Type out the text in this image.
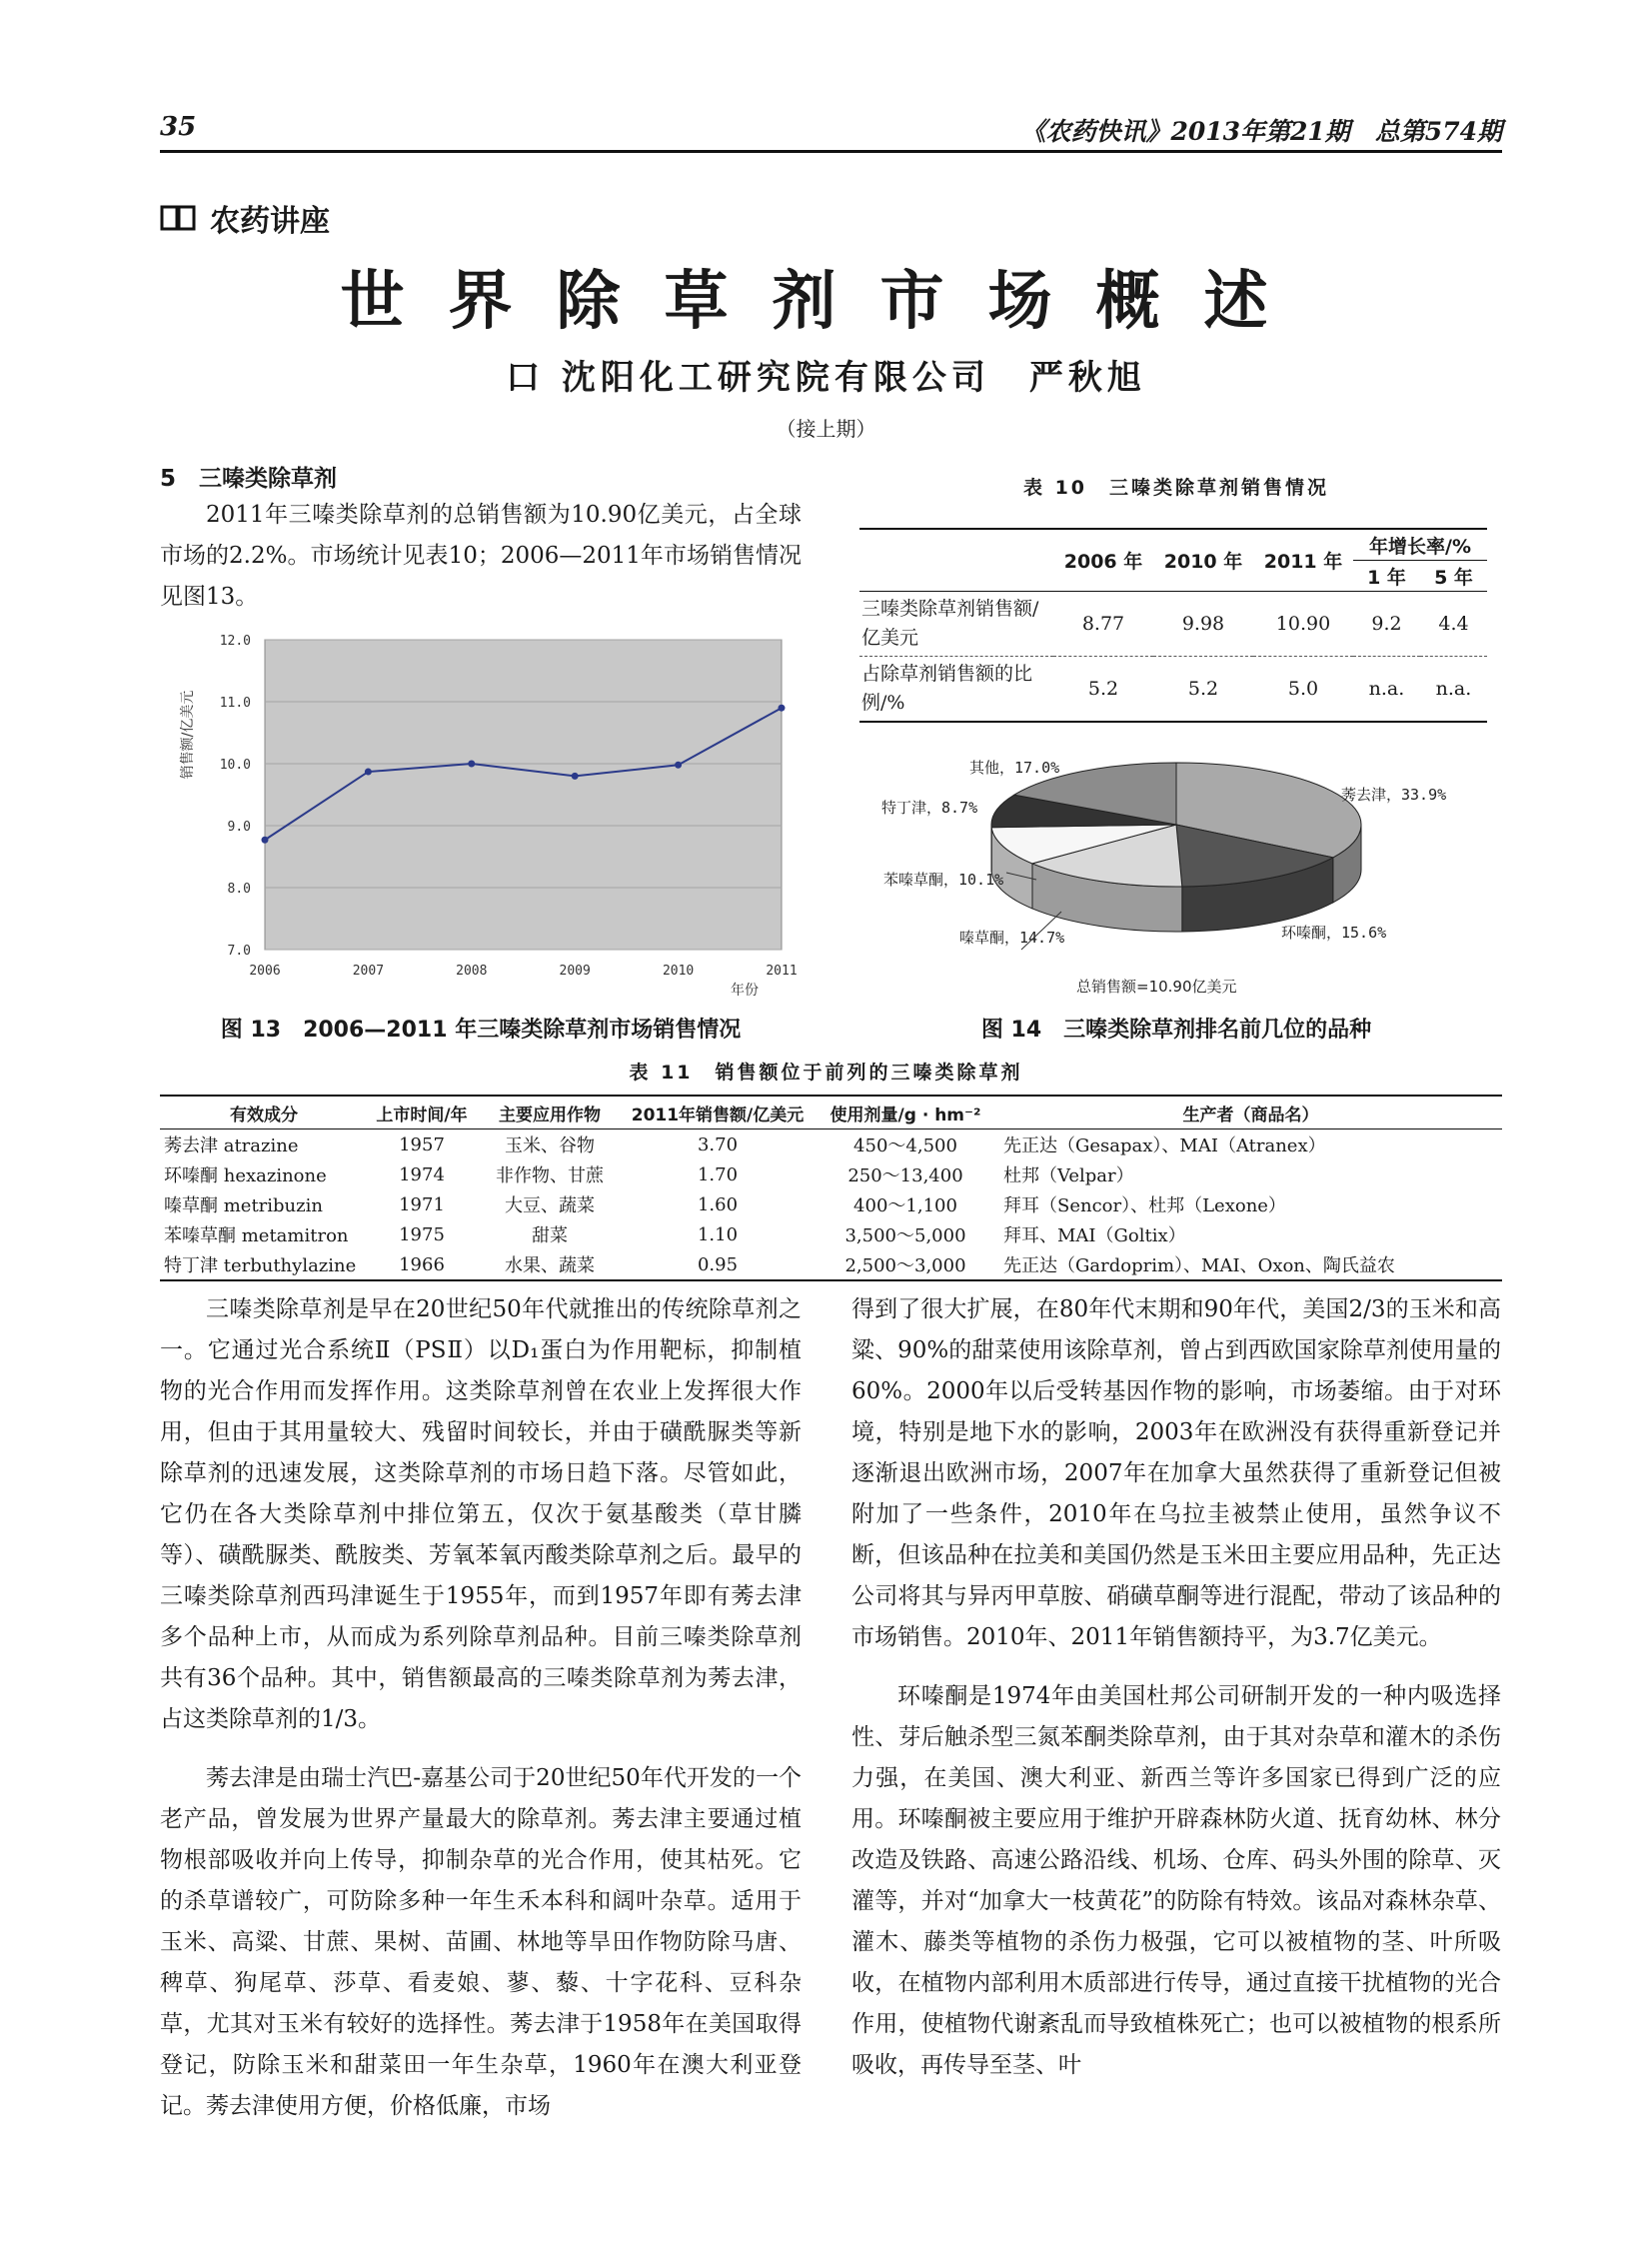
35	《农药快讯》2013年第21期　总第574期
农药讲座
世界除草剂市场概述
口 沈阳化工研究院有限公司　严秋旭
（接上期）
5　三嗪类除草剂

2011年三嗪类除草剂的总销售额为10.90亿美元，占全球市场的2.2%。市场统计见表10；2006—2011年市场销售情况见图13。

表 10　三嗪类除草剂销售情况
	2006 年	2010 年	2011 年	年增长率/%	
				1 年	5 年
三嗪类除草剂销售额/亿美元	8.77	9.98	10.90	9.2	4.4
占除草剂销售额的比例/%	5.2	5.2	5.0	n.a.	n.a.
12.0
11.0
10.0
9.0
8.0
7.0
2006	2007	2008	2009	2010	2011
销售额/亿美元
年份
图 13　2006—2011 年三嗪类除草剂市场销售情况
莠去津，33.9%
环嗪酮，15.6%
嗪草酮，14.7%
苯嗪草酮，10.1%
特丁津，8.7%
其他，17.0%
总销售额=10.90亿美元
图 14　三嗪类除草剂排名前几位的品种
表 11　销售额位于前列的三嗪类除草剂
有效成分	上市时间/年	主要应用作物	2011年销售额/亿美元	使用剂量/g · hm⁻²	生产者（商品名）
莠去津 atrazine	1957	玉米、谷物	3.70	450～4,500	先正达（Gesapax）、MAI（Atranex）
环嗪酮 hexazinone	1974	非作物、甘蔗	1.70	250～13,400	杜邦（Velpar）
嗪草酮 metribuzin	1971	大豆、蔬菜	1.60	400～1,100	拜耳（Sencor）、杜邦（Lexone）
苯嗪草酮 metamitron	1975	甜菜	1.10	3,500～5,000	拜耳、MAI（Goltix）
特丁津 terbuthylazine	1966	水果、蔬菜	0.95	2,500～3,000	先正达（Gardoprim）、MAI、Oxon、陶氏益农

三嗪类除草剂是早在20世纪50年代就推出的传统除草剂之一。它通过光合系统Ⅱ（PSⅡ）以D₁蛋白为作用靶标，抑制植物的光合作用而发挥作用。这类除草剂曾在农业上发挥很大作用，但由于其用量较大、残留时间较长，并由于磺酰脲类等新除草剂的迅速发展，这类除草剂的市场日趋下落。尽管如此，它仍在各大类除草剂中排位第五，仅次于氨基酸类（草甘膦等）、磺酰脲类、酰胺类、芳氧苯氧丙酸类除草剂之后。最早的三嗪类除草剂西玛津诞生于1955年，而到1957年即有莠去津多个品种上市，从而成为系列除草剂品种。目前三嗪类除草剂共有36个品种。其中，销售额最高的三嗪类除草剂为莠去津，占这类除草剂的1/3。

莠去津是由瑞士汽巴-嘉基公司于20世纪50年代开发的一个老产品，曾发展为世界产量最大的除草剂。莠去津主要通过植物根部吸收并向上传导，抑制杂草的光合作用，使其枯死。它的杀草谱较广，可防除多种一年生禾本科和阔叶杂草。适用于玉米、高粱、甘蔗、果树、苗圃、林地等旱田作物防除马唐、稗草、狗尾草、莎草、看麦娘、蓼、藜、十字花科、豆科杂草，尤其对玉米有较好的选择性。莠去津于1958年在美国取得登记，防除玉米和甜菜田一年生杂草，1960年在澳大利亚登记。莠去津使用方便，价格低廉，市场

得到了很大扩展，在80年代末期和90年代，美国2/3的玉米和高粱、90%的甜菜使用该除草剂，曾占到西欧国家除草剂使用量的60%。2000年以后受转基因作物的影响，市场萎缩。由于对环境，特别是地下水的影响，2003年在欧洲没有获得重新登记并逐渐退出欧洲市场，2007年在加拿大虽然获得了重新登记但被附加了一些条件，2010年在乌拉圭被禁止使用，虽然争议不断，但该品种在拉美和美国仍然是玉米田主要应用品种，先正达公司将其与异丙甲草胺、硝磺草酮等进行混配，带动了该品种的市场销售。2010年、2011年销售额持平，为3.7亿美元。

环嗪酮是1974年由美国杜邦公司研制开发的一种内吸选择性、芽后触杀型三氮苯酮类除草剂，由于其对杂草和灌木的杀伤力强，在美国、澳大利亚、新西兰等许多国家已得到广泛的应用。环嗪酮被主要应用于维护开辟森林防火道、抚育幼林、林分改造及铁路、高速公路沿线、机场、仓库、码头外围的除草、灭灌等，并对“加拿大一枝黄花”的防除有特效。该品对森林杂草、灌木、藤类等植物的杀伤力极强，它可以被植物的茎、叶所吸收，在植物内部利用木质部进行传导，通过直接干扰植物的光合作用，使植物代谢紊乱而导致植株死亡；也可以被植物的根系所吸收，再传导至茎、叶
